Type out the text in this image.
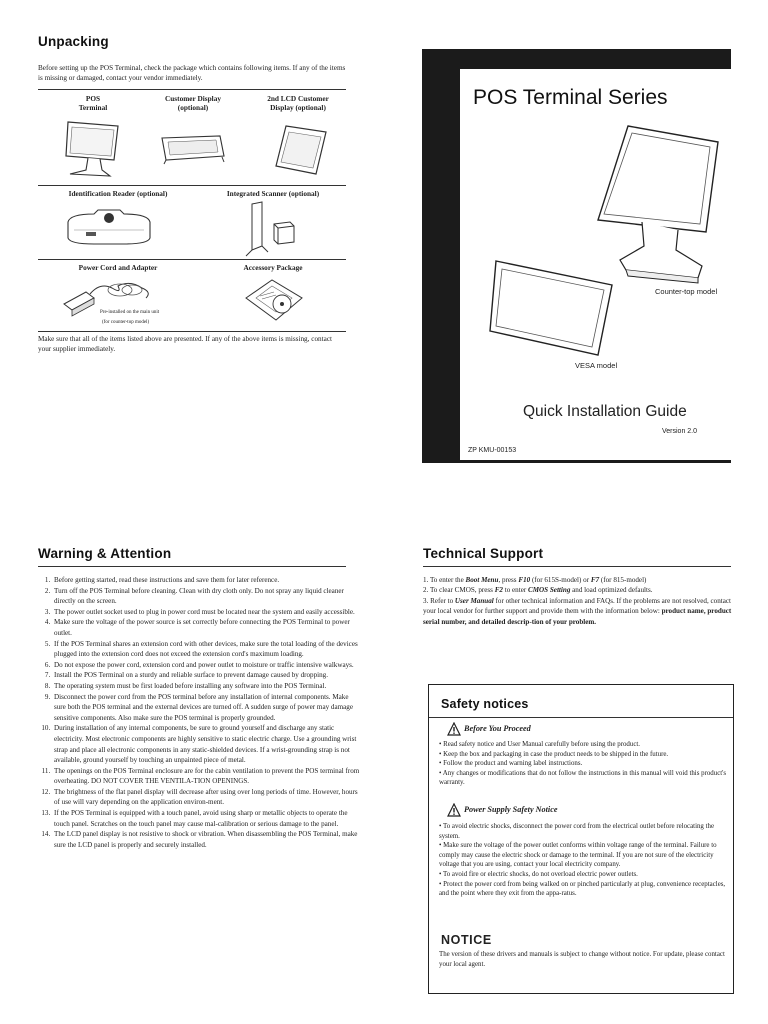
Unpacking
Before setting up the POS Terminal, check the package which contains following items. If any of the items is missing or damaged, contact your vendor immediately.
POS
Terminal
Customer Display
(optional)
2nd LCD Customer
Display (optional)
Identification Reader (optional)	Integrated Scanner (optional)
Power Cord and Adapter	Accessory Package
Pre-installed on the main unit
(for counter-top model)
Make sure that all of the items listed above are presented. If any of the above items is missing, contact your supplier immediately.
POS Terminal Series
Counter-top model
VESA model
Quick Installation Guide
Version 2.0
ZP KMU-00153
Warning & Attention
1. Before getting started, read these instructions and save them for later reference.
2. Turn off the POS Terminal before cleaning. Clean with dry cloth only. Do not spray any liquid cleaner directly on the screen.
3. The power outlet socket used to plug in power cord must be located near the system and easily accessible.
4. Make sure the voltage of the power source is set correctly before connecting the POS Terminal to power outlet.
5. If the POS Terminal shares an extension cord with other devices, make sure the total loading of the devices plugged into the extension cord does not exceed the extension cord's maximum loading.
6. Do not expose the power cord, extension cord and power outlet to moisture or traffic intensive walkways.
7. Install the POS Terminal on a sturdy and reliable surface to prevent damage caused by dropping.
8. The operating system must be first loaded before installing any software into the POS Terminal.
9. Disconnect the power cord from the POS terminal before any installation of internal components. Make sure both the POS terminal and the external devices are turned off. A sudden surge of power may damage sensitive components. Also make sure the POS terminal is properly grounded.
10. During installation of any internal components, be sure to ground yourself and discharge any static electricity. Most electronic components are highly sensitive to static electric charge. Use a grounding wrist strap and place all electronic components in any static-shielded devices. If a wrist-grounding strap is not available, ground yourself by touching an unpainted piece of metal.
11. The openings on the POS Terminal enclosure are for the cabin ventilation to prevent the POS terminal from overheating. DO NOT COVER THE VENTILA-TION OPENINGS.
12. The brightness of the flat panel display will decrease after using over long periods of time. However, hours of use will vary depending on the application environ-ment.
13. If the POS Terminal is equipped with a touch panel, avoid using sharp or metallic objects to operate the touch panel. Scratches on the touch panel may cause mal-calibration or serious damage to the panel.
14. The LCD panel display is not resistive to shock or vibration. When disassembling the POS Terminal, make sure the LCD panel is properly and securely installed.
Technical Support
1. To enter the Boot Menu, press F10 (for 615S-model) or F7 (for 815-model)
2. To clear CMOS, press F2 to enter CMOS Setting and load optimized defaults.
3. Refer to User Manual for other technical information and FAQs. If the problems are not resolved, contact your local vendor for further support and provide them with the information below: product name, product serial number, and detailed descrip-tion of your problem.
Safety notices
Before You Proceed
• Read safety notice and User Manual carefully before using the product.
• Keep the box and packaging in case the product needs to be shipped in the future.
• Follow the product and warning label instructions.
• Any changes or modifications that do not follow the instructions in this manual will void this product's warranty.
Power Supply Safety Notice
• To avoid electric shocks, disconnect the power cord from the electrical outlet before relocating the system.
• Make sure the voltage of the power outlet conforms within voltage range of the terminal. Failure to comply may cause the electric shock or damage to the terminal. If you are not sure of the electricity voltage that you are using, contact your local electricity company.
• To avoid fire or electric shocks, do not overload electric power outlets.
• Protect the power cord from being walked on or pinched particularly at plug, convenience receptacles, and the point where they exit from the appa-ratus.
NOTICE
The version of these drivers and manuals is subject to change without notice. For update, please contact your local agent.
